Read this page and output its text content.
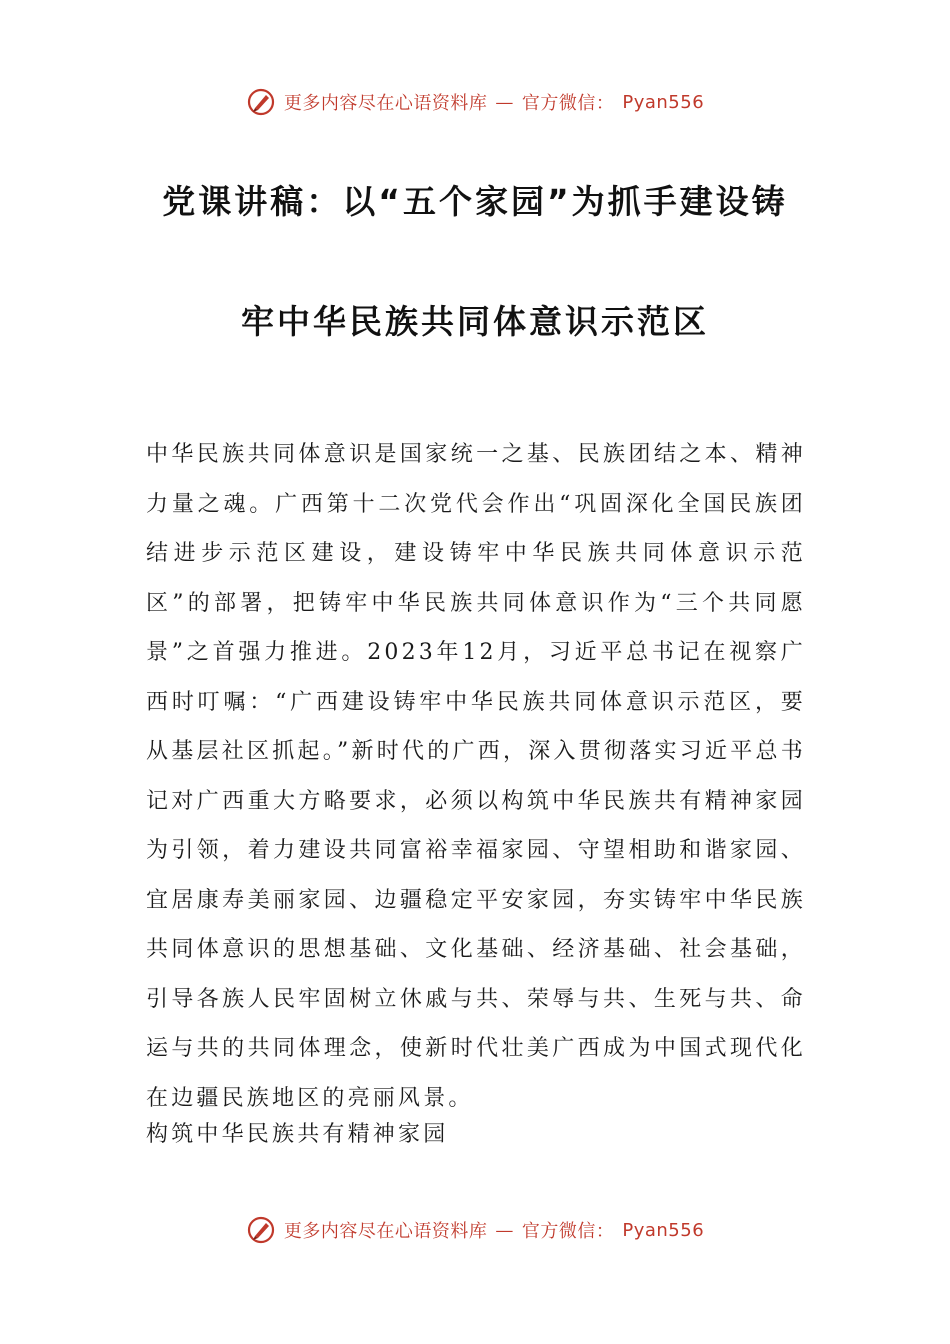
更多内容尽在心语资料库 — 官方微信： Pyan556
党课讲稿：以“五个家园”为抓手建设铸
牢中华民族共同体意识示范区

中华民族共同体意识是国家统一之基、民族团结之本、精神力量之魂。广西第十二次党代会作出“巩固深化全国民族团结进步示范区建设，建设铸牢中华民族共同体意识示范区”的部署，把铸牢中华民族共同体意识作为“三个共同愿景”之首强力推进。2023年12月，习近平总书记在视察广西时叮嘱：“广西建设铸牢中华民族共同体意识示范区，要从基层社区抓起。”新时代的广西，深入贯彻落实习近平总书记对广西重大方略要求，必须以构筑中华民族共有精神家园为引领，着力建设共同富裕幸福家园、守望相助和谐家园、宜居康寿美丽家园、边疆稳定平安家园，夯实铸牢中华民族共同体意识的思想基础、文化基础、经济基础、社会基础，引导各族人民牢固树立休戚与共、荣辱与共、生死与共、命运与共的共同体理念，使新时代壮美广西成为中国式现代化在边疆民族地区的亮丽风景。

构筑中华民族共有精神家园

更多内容尽在心语资料库 — 官方微信： Pyan556
